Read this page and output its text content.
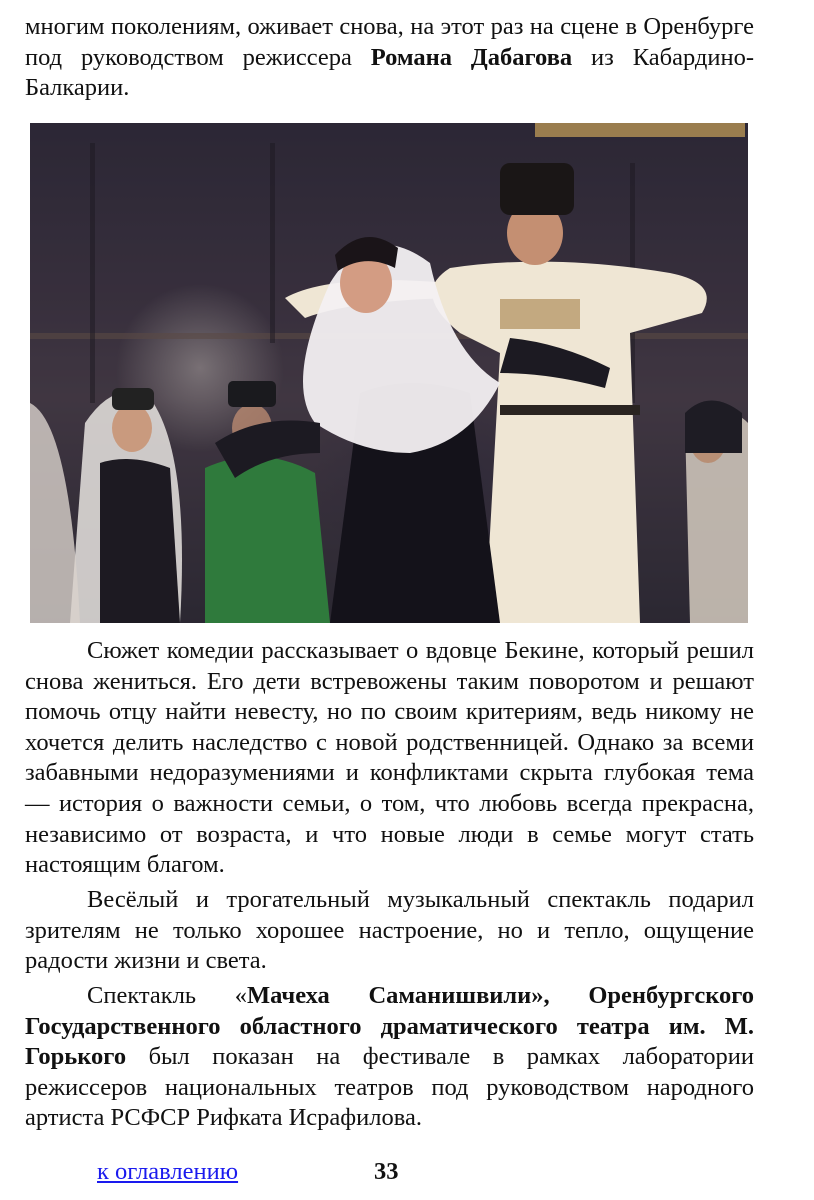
многим поколениям, оживает снова, на этот раз на сцене в Оренбурге под руководством режиссера Романа Дабагова из Кабардино-Балкарии.

Сюжет комедии рассказывает о вдовце Бекине, который решил снова жениться. Его дети встревожены таким поворотом и решают помочь отцу найти невесту, но по своим критериям, ведь никому не хочется делить наследство с новой родственницей. Однако за всеми забавными недоразумениями и конфликтами скрыта глубокая тема — история о важности семьи, о том, что любовь всегда прекрасна, независимо от возраста, и что новые люди в семье могут стать настоящим благом.

Весёлый и трогательный музыкальный спектакль подарил зрителям не только хорошее настроение, но и тепло, ощущение радости жизни и света.

Спектакль «Мачеха Саманишвили», Оренбургского Государственного областного драматического театра им. М. Горького был показан на фестивале в рамках лаборатории режиссеров национальных театров под руководством народного артиста РСФСР Рифката Исрафилова.

к оглавлению	33
